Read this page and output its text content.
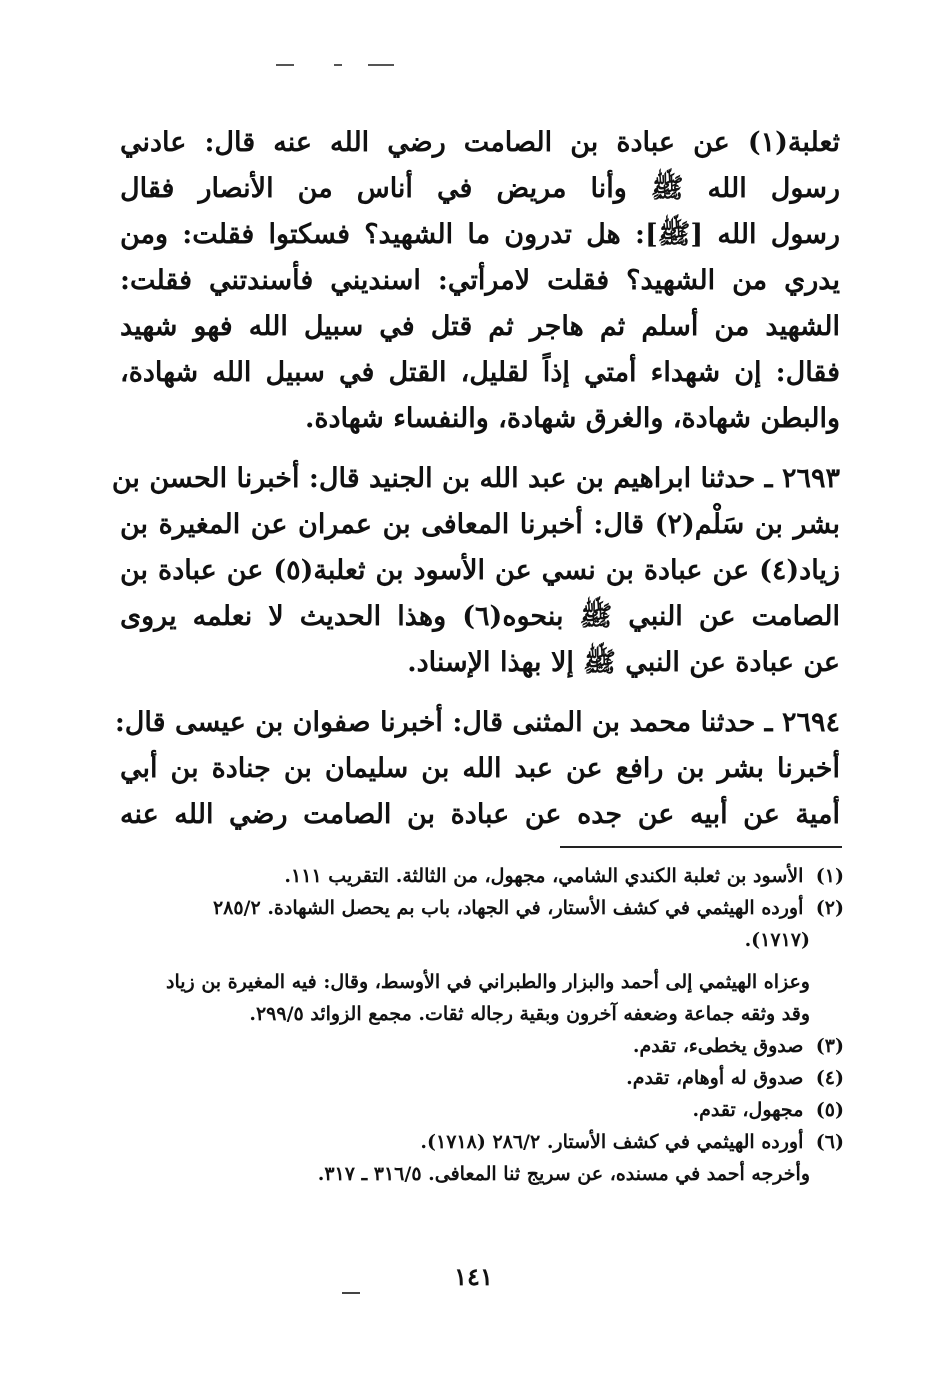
ثعلبة(١) عن عبادة بن الصامت رضي الله عنه قال: عادني
رسول الله ﷺ وأنا مريض في أناس من الأنصار فقال
رسول الله [ﷺ]: هل تدرون ما الشهيد؟ فسكتوا فقلت: ومن
يدري من الشهيد؟ فقلت لامرأتي: اسنديني فأسندتني فقلت:
الشهيد من أسلم ثم هاجر ثم قتل في سبيل الله فهو شهيد
فقال: إن شهداء أمتي إذاً لقليل، القتل في سبيل الله شهادة،
والبطن شهادة، والغرق شهادة، والنفساء شهادة.
٢٦٩٣ ـ حدثنا ابراهيم بن عبد الله بن الجنيد قال: أخبرنا الحسن بن
بشر بن سَلْم(٢) قال: أخبرنا المعافى بن عمران عن المغيرة بن
زياد(٤) عن عبادة بن نسي عن الأسود بن ثعلبة(٥) عن عبادة بن
الصامت عن النبي ﷺ بنحوه(٦) وهذا الحديث لا نعلمه يروى
عن عبادة عن النبي ﷺ إلا بهذا الإسناد.
٢٦٩٤ ـ حدثنا محمد بن المثنى قال: أخبرنا صفوان بن عيسى قال:
أخبرنا بشر بن رافع عن عبد الله بن سليمان بن جنادة بن أبي
أمية عن أبيه عن جده عن عبادة بن الصامت رضي الله عنه
(١) الأسود بن ثعلبة الكندي الشامي، مجهول، من الثالثة. التقريب ١١١.
(٢) أورده الهيثمي في كشف الأستار، في الجهاد، باب بم يحصل الشهادة. ٢٨٥/٢
(١٧١٧).
وعزاه الهيثمي إلى أحمد والبزار والطبراني في الأوسط، وقال: فيه المغيرة بن زياد
وقد وثقه جماعة وضعفه آخرون وبقية رجاله ثقات. مجمع الزوائد ٢٩٩/٥.
(٣) صدوق يخطىء، تقدم.
(٤) صدوق له أوهام، تقدم.
(٥) مجهول، تقدم.
(٦) أورده الهيثمي في كشف الأستار. ٢٨٦/٢ (١٧١٨).
وأخرجه أحمد في مسنده، عن سريج ثنا المعافى. ٣١٦/٥ ـ ٣١٧.
١٤١
